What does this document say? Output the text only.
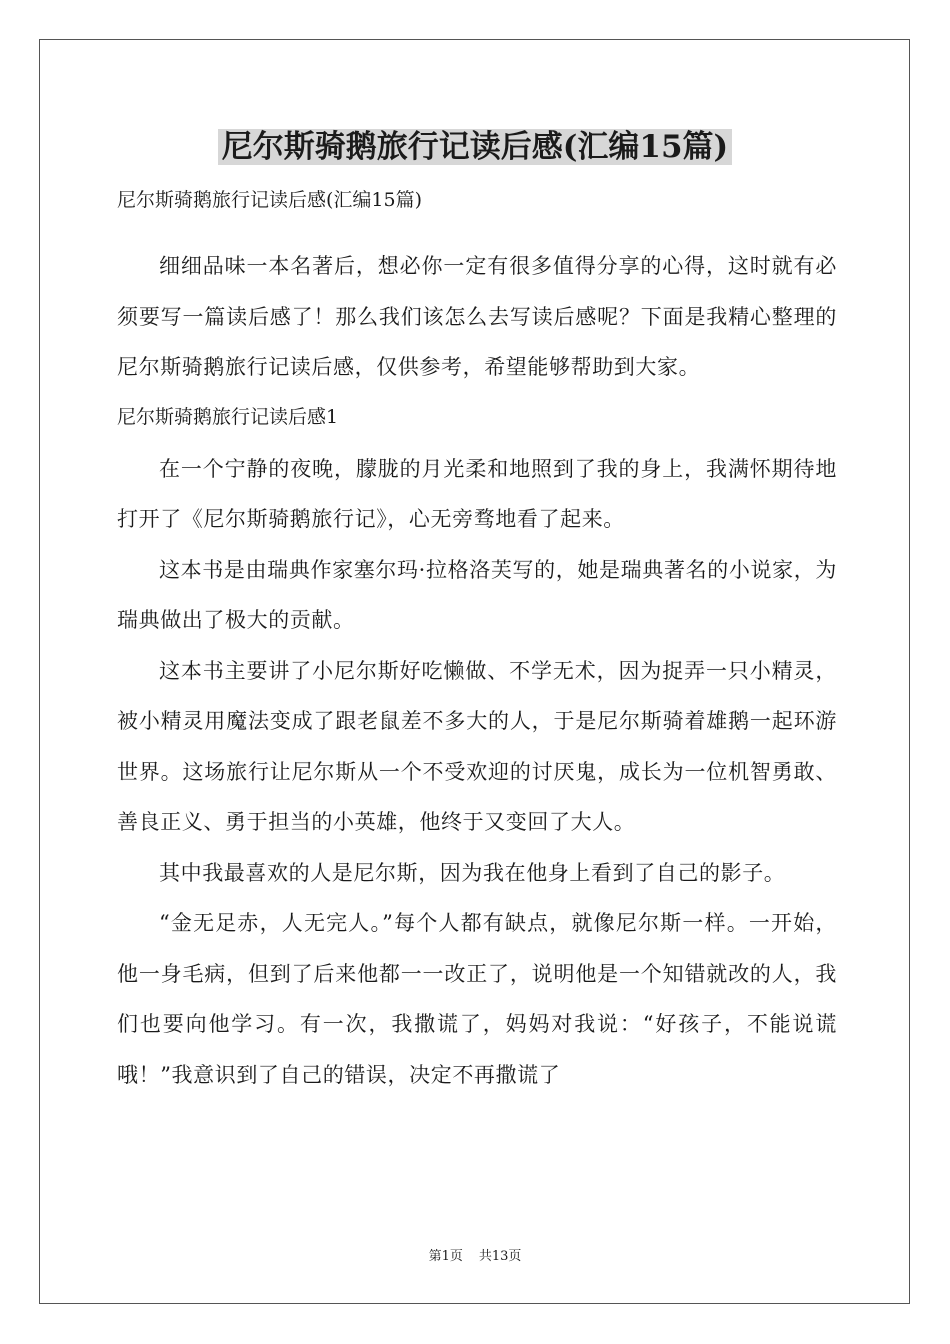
尼尔斯骑鹅旅行记读后感(汇编15篇)

尼尔斯骑鹅旅行记读后感(汇编15篇)

细细品味一本名著后，想必你一定有很多值得分享的心得，这时就有必须要写一篇读后感了！那么我们该怎么去写读后感呢？下面是我精心整理的尼尔斯骑鹅旅行记读后感，仅供参考，希望能够帮助到大家。

尼尔斯骑鹅旅行记读后感1

在一个宁静的夜晚，朦胧的月光柔和地照到了我的身上，我满怀期待地打开了《尼尔斯骑鹅旅行记》，心无旁骛地看了起来。

这本书是由瑞典作家塞尔玛·拉格洛芙写的，她是瑞典著名的小说家，为瑞典做出了极大的贡献。

这本书主要讲了小尼尔斯好吃懒做、不学无术，因为捉弄一只小精灵，被小精灵用魔法变成了跟老鼠差不多大的人，于是尼尔斯骑着雄鹅一起环游世界。这场旅行让尼尔斯从一个不受欢迎的讨厌鬼，成长为一位机智勇敢、善良正义、勇于担当的小英雄，他终于又变回了大人。

其中我最喜欢的人是尼尔斯，因为我在他身上看到了自己的影子。

“金无足赤，人无完人。”每个人都有缺点，就像尼尔斯一样。一开始，他一身毛病，但到了后来他都一一改正了，说明他是一个知错就改的人，我们也要向他学习。有一次，我撒谎了，妈妈对我说：“好孩子，不能说谎哦！”我意识到了自己的错误，决定不再撒谎了

第1页 共13页
